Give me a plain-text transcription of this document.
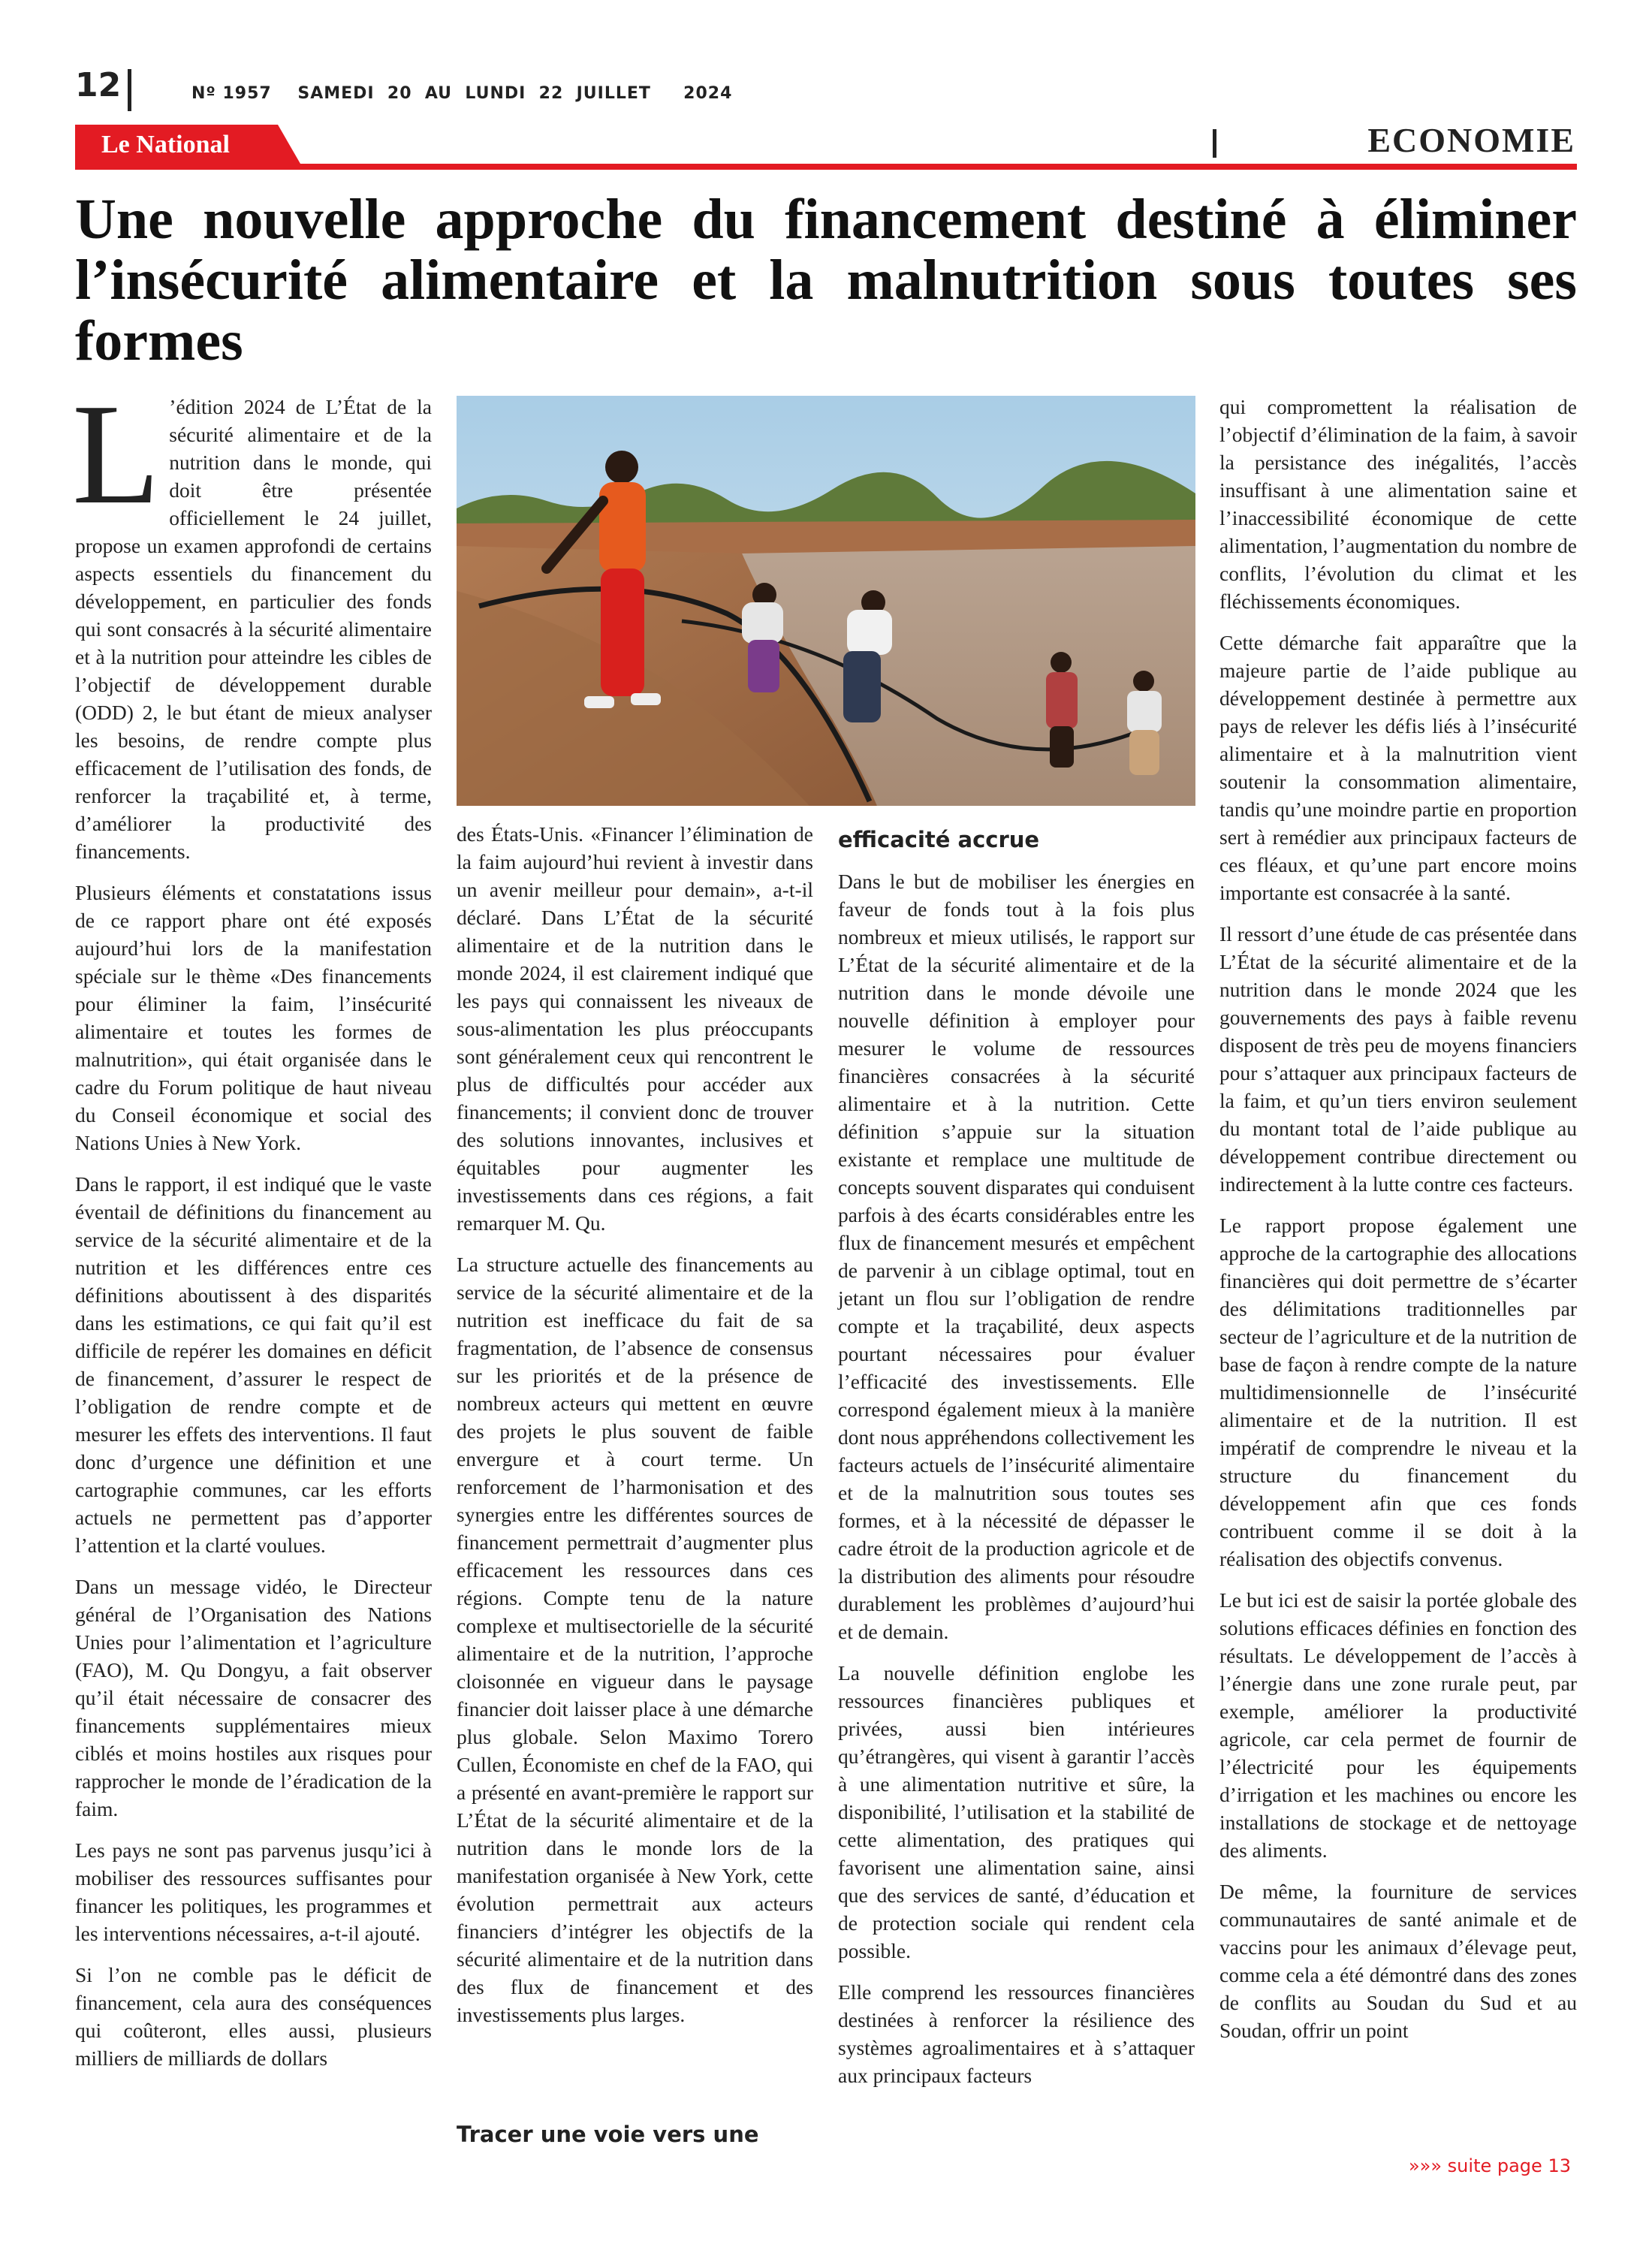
12	Nº 1957    SAMEDI  20  AU  LUNDI  22  JUILLET     2024
Le National	ECONOMIE
Une nouvelle approche du financement destiné à éliminer l’insécurité alimentaire et la malnutrition sous toutes ses formes

L ’édition 2024 de L’État de la sécurité alimentaire et de la nutrition dans le monde, qui doit être présentée officiellement le 24 juillet, propose un examen approfondi de certains aspects essentiels du financement du développement, en particulier des fonds qui sont consacrés à la sécurité alimentaire et à la nutrition pour atteindre les cibles de l’objectif de développement durable (ODD) 2, le but étant de mieux analyser les besoins, de rendre compte plus efficacement de l’utilisation des fonds, de renforcer la traçabilité et, à terme, d’améliorer la productivité des financements.

Plusieurs éléments et constatations issus de ce rapport phare ont été exposés aujourd’hui lors de la manifestation spéciale sur le thème «Des financements pour éliminer la faim, l’insécurité alimentaire et toutes les formes de malnutrition», qui était organisée dans le cadre du Forum politique de haut niveau du Conseil économique et social des Nations Unies à New York.

Dans le rapport, il est indiqué que le vaste éventail de définitions du financement au service de la sécurité alimentaire et de la nutrition et les différences entre ces définitions aboutissent à des disparités dans les estimations, ce qui fait qu’il est difficile de repérer les domaines en déficit de financement, d’assurer le respect de l’obligation de rendre compte et de mesurer les effets des interventions. Il faut donc d’urgence une définition et une cartographie communes, car les efforts actuels ne permettent pas d’apporter l’attention et la clarté voulues.

Dans un message vidéo, le Directeur général de l’Organisation des Nations Unies pour l’alimentation et l’agriculture (FAO), M. Qu Dongyu, a fait observer qu’il était nécessaire de consacrer des financements supplémentaires mieux ciblés et moins hostiles aux risques pour rapprocher le monde de l’éradication de la faim.

Les pays ne sont pas parvenus jusqu’ici à mobiliser des ressources suffisantes pour financer les politiques, les programmes et les interventions nécessaires, a-t-il ajouté.

Si l’on ne comble pas le déficit de financement, cela aura des conséquences qui coûteront, elles aussi, plusieurs milliers de milliards de dollars

des États-Unis. «Financer l’élimination de la faim aujourd’hui revient à investir dans un avenir meilleur pour demain», a-t-il déclaré. Dans L’État de la sécurité alimentaire et de la nutrition dans le monde 2024, il est clairement indiqué que les pays qui connaissent les niveaux de sous-alimentation les plus préoccupants sont généralement ceux qui rencontrent le plus de difficultés pour accéder aux financements; il convient donc de trouver des solutions innovantes, inclusives et équitables pour augmenter les investissements dans ces régions, a fait remarquer M. Qu.

La structure actuelle des financements au service de la sécurité alimentaire et de la nutrition est inefficace du fait de sa fragmentation, de l’absence de consensus sur les priorités et de la présence de nombreux acteurs qui mettent en œuvre des projets le plus souvent de faible envergure et à court terme. Un renforcement de l’harmonisation et des synergies entre les différentes sources de financement permettrait d’augmenter plus efficacement les ressources dans ces régions. Compte tenu de la nature complexe et multisectorielle de la sécurité alimentaire et de la nutrition, l’approche cloisonnée en vigueur dans le paysage financier doit laisser place à une démarche plus globale. Selon Maximo Torero Cullen, Économiste en chef de la FAO, qui a présenté en avant-première le rapport sur L’État de la sécurité alimentaire et de la nutrition dans le monde lors de la manifestation organisée à New York, cette évolution permettrait aux acteurs financiers d’intégrer les objectifs de la sécurité alimentaire et de la nutrition dans des flux de financement et des investissements plus larges.

Tracer une voie vers une
efficacité accrue

Dans le but de mobiliser les énergies en faveur de fonds tout à la fois plus nombreux et mieux utilisés, le rapport sur L’État de la sécurité alimentaire et de la nutrition dans le monde dévoile une nouvelle définition à employer pour mesurer le volume de ressources financières consacrées à la sécurité alimentaire et à la nutrition. Cette définition s’appuie sur la situation existante et remplace une multitude de concepts souvent disparates qui conduisent parfois à des écarts considérables entre les flux de financement mesurés et empêchent de parvenir à un ciblage optimal, tout en jetant un flou sur l’obligation de rendre compte et la traçabilité, deux aspects pourtant nécessaires pour évaluer l’efficacité des investissements. Elle correspond également mieux à la manière dont nous appréhendons collectivement les facteurs actuels de l’insécurité alimentaire et de la malnutrition sous toutes ses formes, et à la nécessité de dépasser le cadre étroit de la production agricole et de la distribution des aliments pour résoudre durablement les problèmes d’aujourd’hui et de demain.

La nouvelle définition englobe les ressources financières publiques et privées, aussi bien intérieures qu’étrangères, qui visent à garantir l’accès à une alimentation nutritive et sûre, la disponibilité, l’utilisation et la stabilité de cette alimentation, des pratiques qui favorisent une alimentation saine, ainsi que des services de santé, d’éducation et de protection sociale qui rendent cela possible.

Elle comprend les ressources financières destinées à renforcer la résilience des systèmes agroalimentaires et à s’attaquer aux principaux facteurs

qui compromettent la réalisation de l’objectif d’élimination de la faim, à savoir la persistance des inégalités, l’accès insuffisant à une alimentation saine et l’inaccessibilité économique de cette alimentation, l’augmentation du nombre de conflits, l’évolution du climat et les fléchissements économiques.

Cette démarche fait apparaître que la majeure partie de l’aide publique au développement destinée à permettre aux pays de relever les défis liés à l’insécurité alimentaire et à la malnutrition vient soutenir la consommation alimentaire, tandis qu’une moindre partie en proportion sert à remédier aux principaux facteurs de ces fléaux, et qu’une part encore moins importante est consacrée à la santé.

Il ressort d’une étude de cas présentée dans L’État de la sécurité alimentaire et de la nutrition dans le monde 2024 que les gouvernements des pays à faible revenu disposent de très peu de moyens financiers pour s’attaquer aux principaux facteurs de la faim, et qu’un tiers environ seulement du montant total de l’aide publique au développement contribue directement ou indirectement à la lutte contre ces facteurs.

Le rapport propose également une approche de la cartographie des allocations financières qui doit permettre de s’écarter des délimitations traditionnelles par secteur de l’agriculture et de la nutrition de base de façon à rendre compte de la nature multidimensionnelle de l’insécurité alimentaire et de la nutrition. Il est impératif de comprendre le niveau et la structure du financement du développement afin que ces fonds contribuent comme il se doit à la réalisation des objectifs convenus.

Le but ici est de saisir la portée globale des solutions efficaces définies en fonction des résultats. Le développement de l’accès à l’énergie dans une zone rurale peut, par exemple, améliorer la productivité agricole, car cela permet de fournir de l’électricité pour les équipements d’irrigation et les machines ou encore les installations de stockage et de nettoyage des aliments.

De même, la fourniture de services communautaires de santé animale et de vaccins pour les animaux d’élevage peut, comme cela a été démontré dans des zones de conflits au Soudan du Sud et au Soudan, offrir un point

»»» suite page 13
